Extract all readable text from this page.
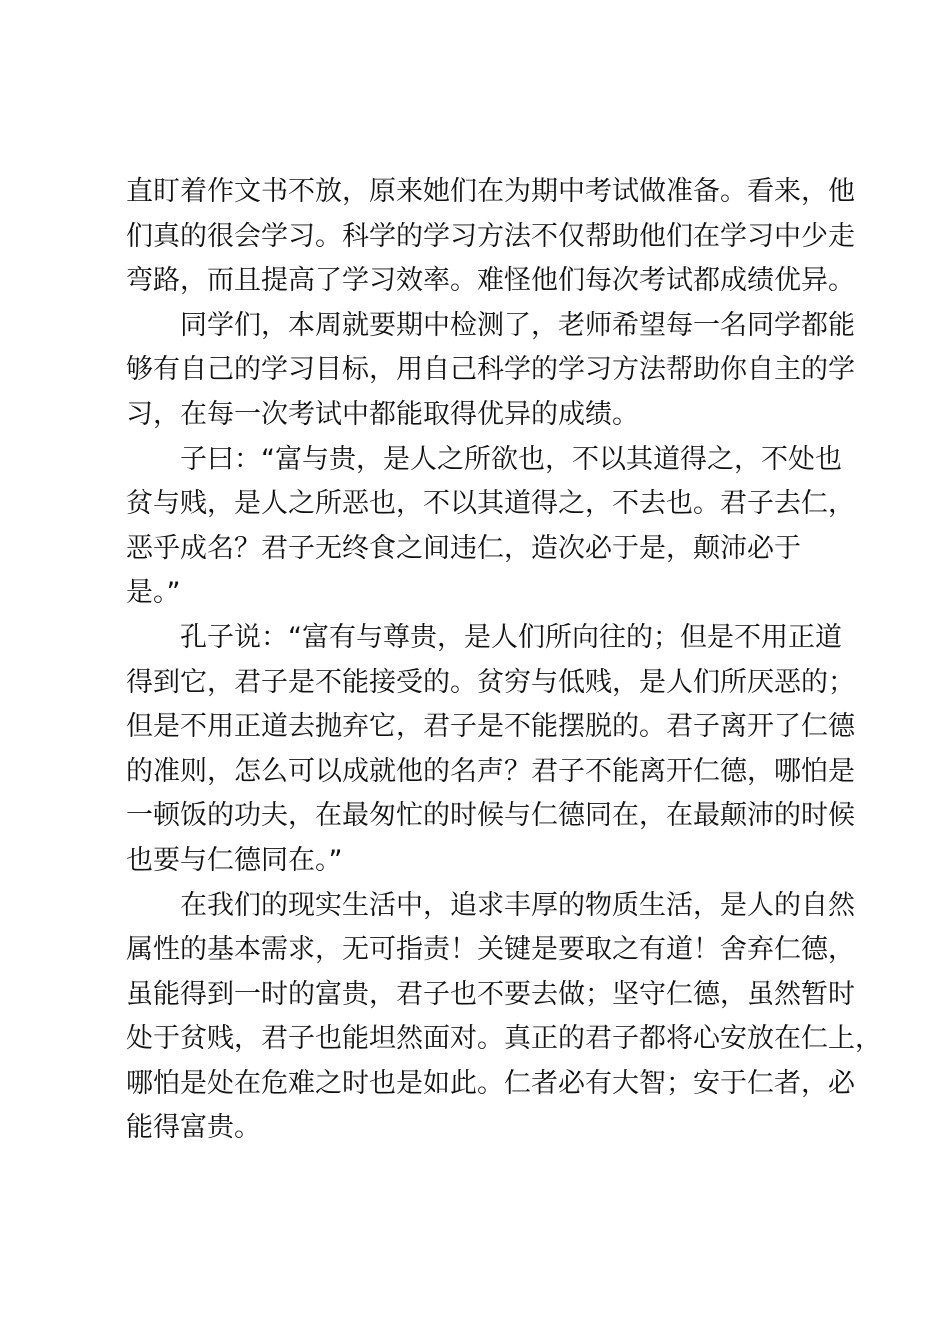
直盯着作文书不放，原来她们在为期中考试做准备。看来，他
们真的很会学习。科学的学习方法不仅帮助他们在学习中少走
弯路，而且提高了学习效率。难怪他们每次考试都成绩优异。
　　同学们，本周就要期中检测了，老师希望每一名同学都能
够有自己的学习目标，用自己科学的学习方法帮助你自主的学
习，在每一次考试中都能取得优异的成绩。
　　子曰：“富与贵，是人之所欲也，不以其道得之，不处也
贫与贱，是人之所恶也，不以其道得之，不去也。君子去仁，
恶乎成名？君子无终食之间违仁，造次必于是，颠沛必于
是。”
　　孔子说：“富有与尊贵，是人们所向往的；但是不用正道
得到它，君子是不能接受的。贫穷与低贱，是人们所厌恶的；
但是不用正道去抛弃它，君子是不能摆脱的。君子离开了仁德
的准则，怎么可以成就他的名声？君子不能离开仁德，哪怕是
一顿饭的功夫，在最匆忙的时候与仁德同在，在最颠沛的时候
也要与仁德同在。”
　　在我们的现实生活中，追求丰厚的物质生活，是人的自然
属性的基本需求，无可指责！关键是要取之有道！舍弃仁德，
虽能得到一时的富贵，君子也不要去做；坚守仁德，虽然暂时
处于贫贱，君子也能坦然面对。真正的君子都将心安放在仁上，
哪怕是处在危难之时也是如此。仁者必有大智；安于仁者，必
能得富贵。
